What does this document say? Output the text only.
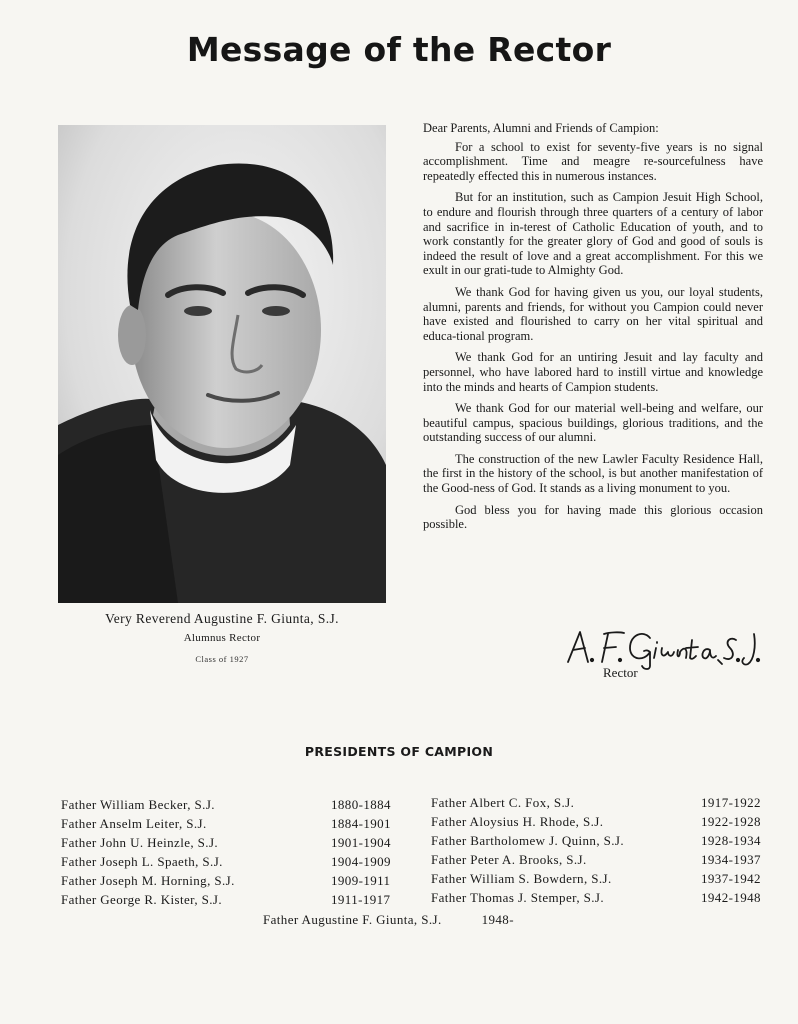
Message of the Rector
Very Reverend Augustine F. Giunta, S.J.
Alumnus Rector
Class of 1927

Dear Parents, Alumni and Friends of Campion:

For a school to exist for seventy-five years is no signal accomplishment. Time and meagre re-sourcefulness have repeatedly effected this in numerous instances.

But for an institution, such as Campion Jesuit High School, to endure and flourish through three quarters of a century of labor and sacrifice in in-terest of Catholic Education of youth, and to work constantly for the greater glory of God and good of souls is indeed the result of love and a great accomplishment. For this we exult in our grati-tude to Almighty God.

We thank God for having given us you, our loyal students, alumni, parents and friends, for without you Campion could never have existed and flourished to carry on her vital spiritual and educa-tional program.

We thank God for an untiring Jesuit and lay faculty and personnel, who have labored hard to instill virtue and knowledge into the minds and hearts of Campion students.

We thank God for our material well-being and welfare, our beautiful campus, spacious buildings, glorious traditions, and the outstanding success of our alumni.

The construction of the new Lawler Faculty Residence Hall, the first in the history of the school, is but another manifestation of the Good-ness of God. It stands as a living monument to you.

God bless you for having made this glorious occasion possible.

Rector
PRESIDENTS OF CAMPION
Father William Becker, S.J.	1880-1884
Father Anselm Leiter, S.J.	1884-1901
Father John U. Heinzle, S.J.	1901-1904
Father Joseph L. Spaeth, S.J.	1904-1909
Father Joseph M. Horning, S.J.	1909-1911
Father George R. Kister, S.J.	1911-1917
Father Albert C. Fox, S.J.	1917-1922
Father Aloysius H. Rhode, S.J.	1922-1928
Father Bartholomew J. Quinn, S.J.	1928-1934
Father Peter A. Brooks, S.J.	1934-1937
Father William S. Bowdern, S.J.	1937-1942
Father Thomas J. Stemper, S.J.	1942-1948
Father Augustine F. Giunta, S.J.	1948-
